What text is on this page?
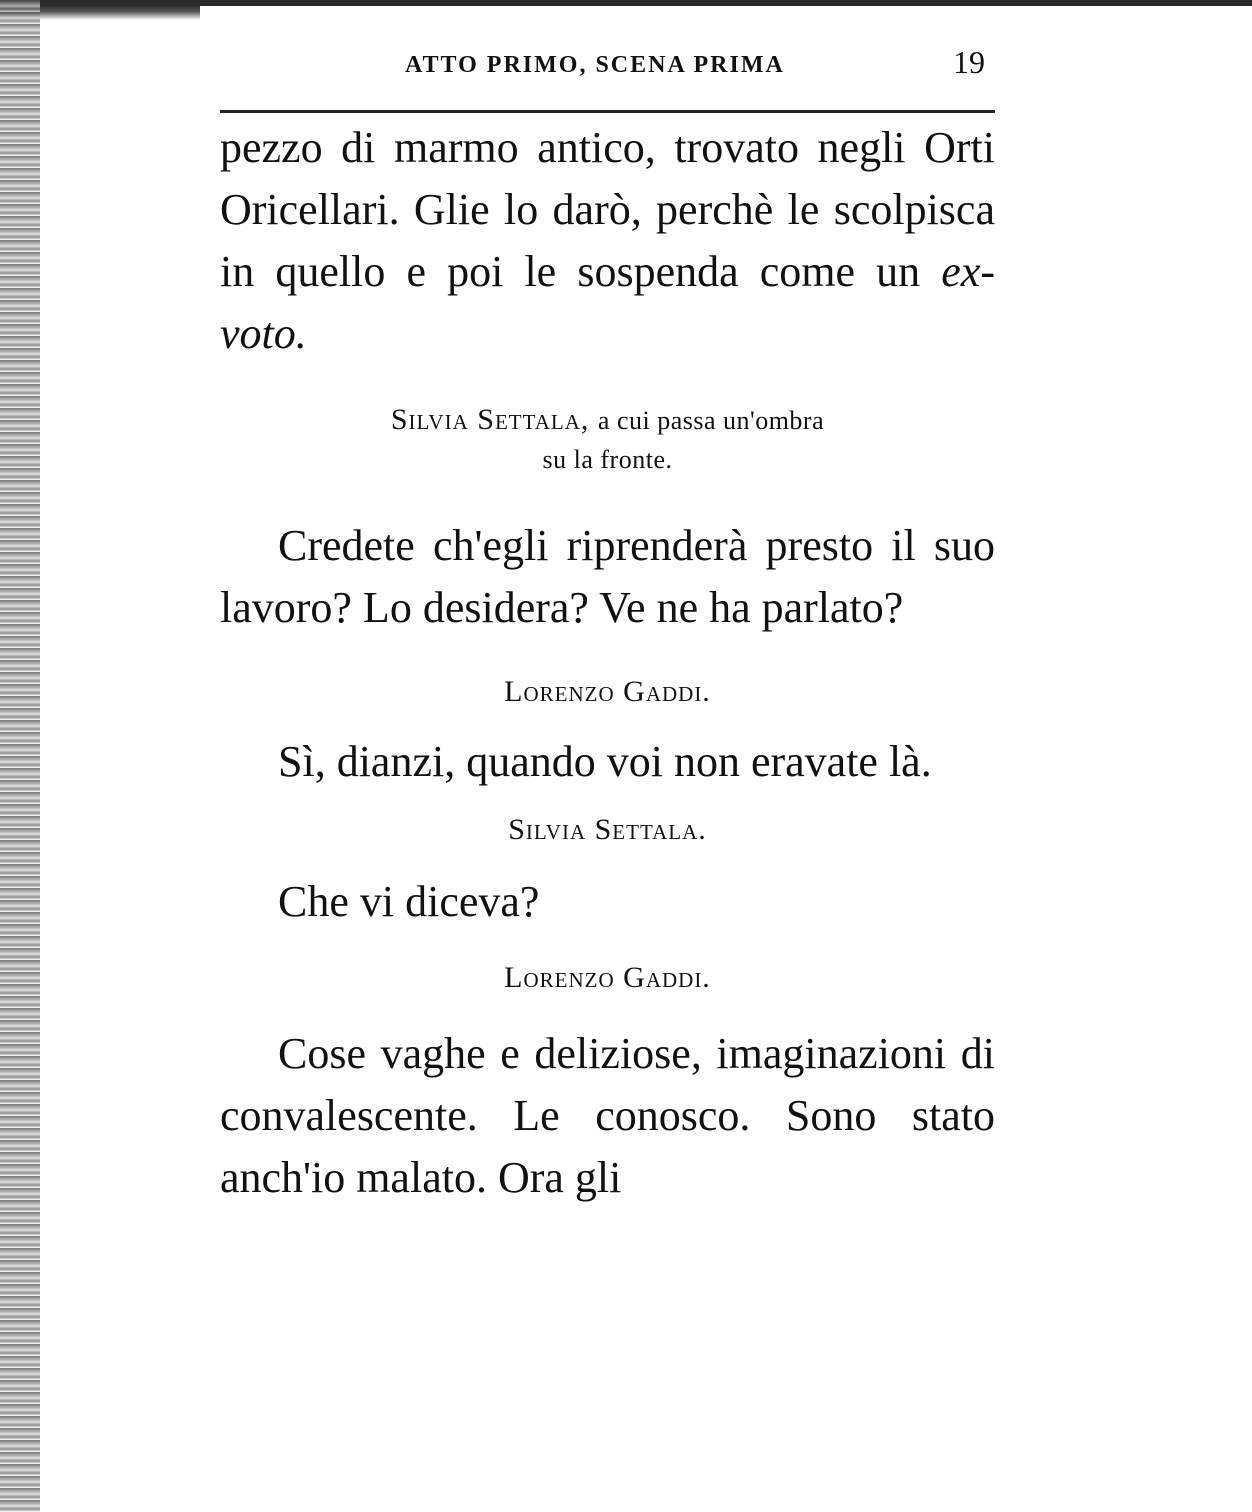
ATTO PRIMO, SCENA PRIMA	19

pezzo di marmo antico, trovato negli Orti Oricellari. Glie lo darò, perchè le scolpisca in quello e poi le sospenda come un ex-voto.

Silvia Settala, a cui passa un'ombra
su la fronte.

Credete ch'egli riprenderà presto il suo lavoro? Lo desidera? Ve ne ha parlato?

Lorenzo Gaddi.

Sì, dianzi, quando voi non eravate là.

Silvia Settala.

Che vi diceva?

Lorenzo Gaddi.

Cose vaghe e deliziose, imaginazioni di convalescente. Le conosco. Sono stato anch'io malato. Ora gli
